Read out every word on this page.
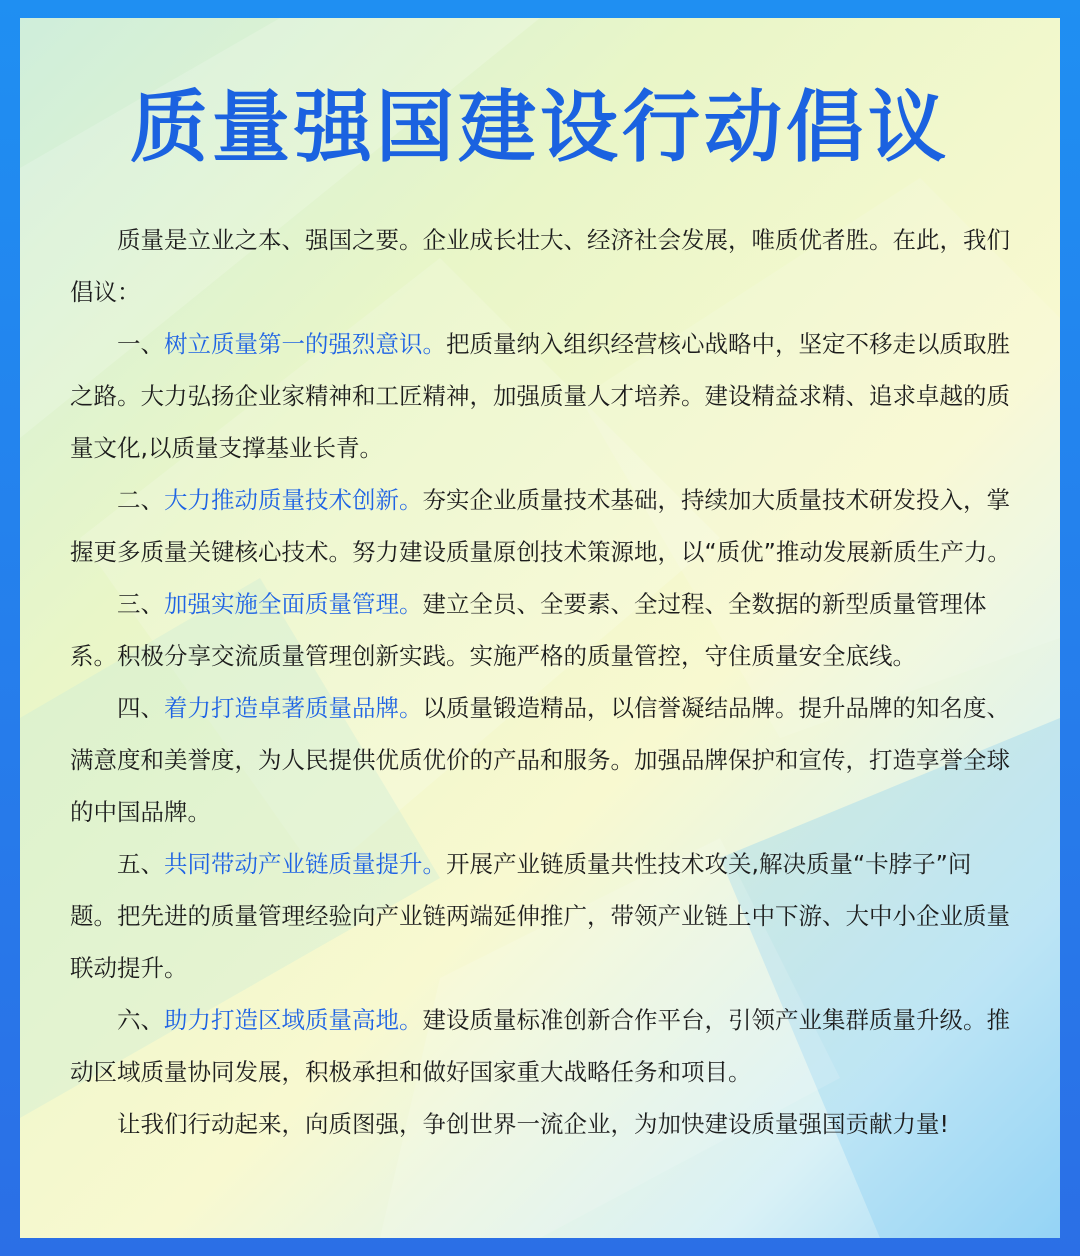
质量强国建设行动倡议

质量是立业之本、强国之要。企业成长壮大、经济社会发展，唯质优者胜。在此，我们倡议：

一、树立质量第一的强烈意识。把质量纳入组织经营核心战略中，坚定不移走以质取胜之路。大力弘扬企业家精神和工匠精神，加强质量人才培养。建设精益求精、追求卓越的质量文化,以质量支撑基业长青。

二、大力推动质量技术创新。夯实企业质量技术基础，持续加大质量技术研发投入，掌握更多质量关键核心技术。努力建设质量原创技术策源地，以“质优”推动发展新质生产力。

三、加强实施全面质量管理。建立全员、全要素、全过程、全数据的新型质量管理体系。积极分享交流质量管理创新实践。实施严格的质量管控，守住质量安全底线。

四、着力打造卓著质量品牌。以质量锻造精品，以信誉凝结品牌。提升品牌的知名度、满意度和美誉度，为人民提供优质优价的产品和服务。加强品牌保护和宣传，打造享誉全球的中国品牌。

五、共同带动产业链质量提升。开展产业链质量共性技术攻关,解决质量“卡脖子”问题。把先进的质量管理经验向产业链两端延伸推广，带领产业链上中下游、大中小企业质量联动提升。

六、助力打造区域质量高地。建设质量标准创新合作平台，引领产业集群质量升级。推动区域质量协同发展，积极承担和做好国家重大战略任务和项目。

让我们行动起来，向质图强，争创世界一流企业，为加快建设质量强国贡献力量!
